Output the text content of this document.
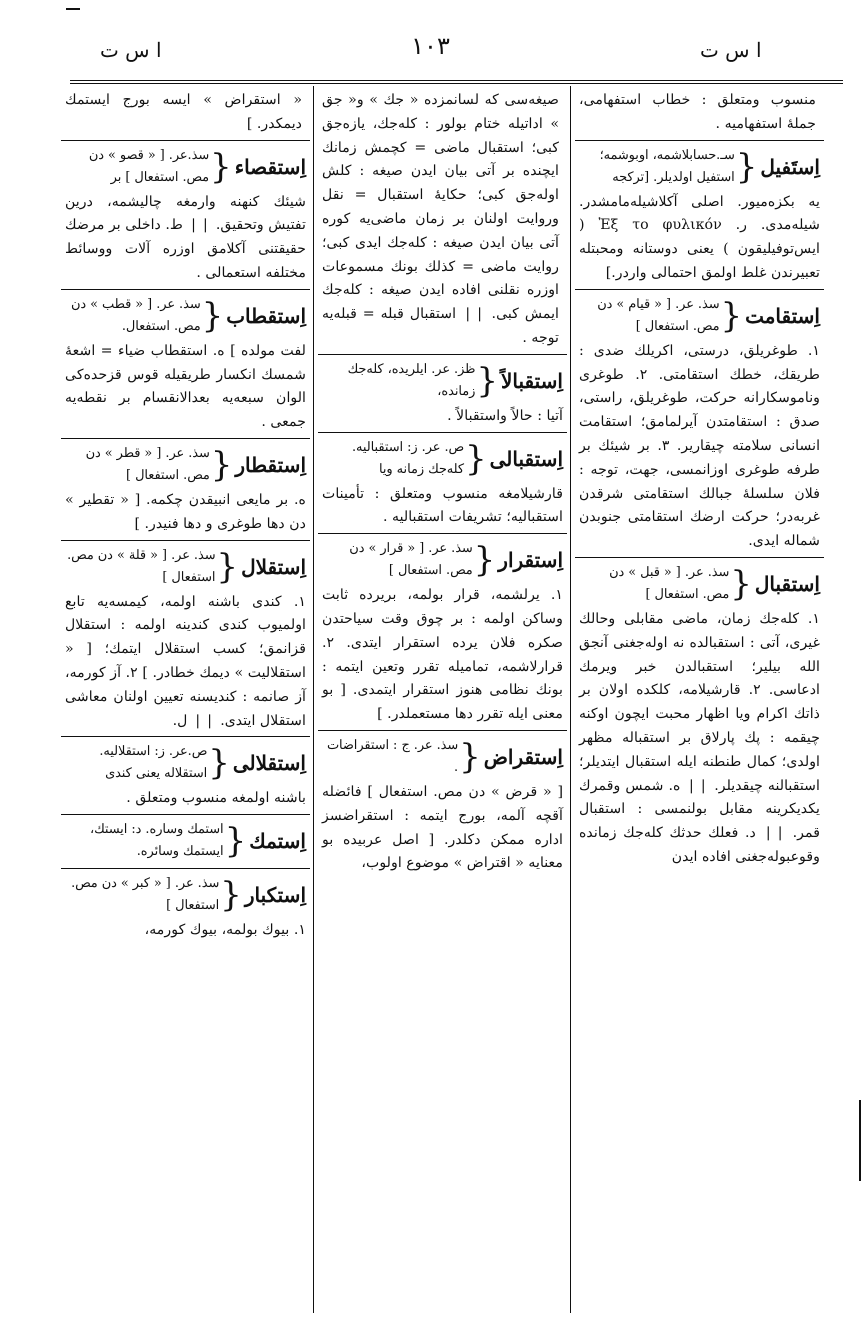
ا س ت	١٠٣	ا س ت
منسوب ومتعلق : خطاب استفهامی، جملۀ استفهامیه .
اِستَفیل
{
سـ.حسابلاشمه، اوبوشمه؛ استفیل اولدیلر. [ترکجه
یه بکزه‌میور. اصلی آکلاشیله‌مامشدر. شیله‌مدی. ر. Ἐξ το φυλικόν ( ایس‌توفیلیقون ) یعنی دوستانه ومحبتله تعبیرندن غلط اولمق احتمالی واردر.]
اِستقامت
{
سذ. عر. [ « قیام » دن مص. استفعال ]
١. طوغریلق، درستی، اکریلك ضدی : طریقك، خطك استقامتی. ٢. طوغری وناموسکارانه حرکت، طوغریلق، راستی، صدق : استقامتدن آیرلمامق؛ استقامت انسانی سلامته چیقاریر. ٣. بر شیئك بر طرفه طوغری اوزانمسی، جهت، توجه : فلان سلسلۀ جبالك استقامتی شرقدن غربه‌در؛ حرکت ارضك استقامتی جنوبدن شماله ایدی.
اِستقبال
{
سذ. عر. [ « قبل » دن مص. استفعال ]
١. کله‌جك زمان، ماضی مقابلی وحالك غیری، آتی : استقبالده نه اوله‌جغنی آنجق الله بیلیر؛ استقبالدن خبر ویرمك ادعاسی. ٢. قارشیلامه، کلکده اولان بر ذاتك اکرام ویا اظهار محبت ایچون اوکنه چیقمه : پك پارلاق بر استقباله مظهر اولدی؛ کمال طنطنه ایله استقبال ایتدیلر؛ استقبالنه چیقدیلر. ❘❘ ه. شمس وقمرك یکدیکرینه مقابل بولنمسی : استقبال قمر. ❘❘ د. فعلك حدثك کله‌جك زمانده وقوعبوله‌جغنی افاده ایدن
صیغه‌سی که لسانمزده « جك » و« جق » اداتیله ختام بولور : کله‌جك، یازه‌جق کبی؛ استقبال ماضی = کچمش زمانك ایچنده بر آتی بیان ایدن صیغه : کلش اوله‌جق کبی؛ حکایۀ استقبال = نقل وروایت اولنان بر زمان ماضی‌یه کوره آتی بیان ایدن صیغه : کله‌جك ایدی کبی؛ روایت ماضی = کذلك بونك مسموعات اوزره نقلنی افاده ایدن صیغه : کله‌جك ایمش کبی. ❘❘ استقبال قبله = قبله‌یه توجه .
اِستقبالاً
{
ظز. عر. ایلریده، کله‌جك زمانده،
آتیا : حالاً واستقبالاً .
اِستقبالی
{
ص. عر. ز: استقبالیه. کله‌جك زمانه ویا
قارشیلامغه منسوب ومتعلق : تأمینات استقبالیه؛ تشریفات استقبالیه .
اِستقرار
{
سذ. عر. [ « قرار » دن مص. استفعال ]
١. یرلشمه، قرار بولمه، بریرده ثابت وساکن اولمه : بر چوق وقت سیاحتدن صکره فلان یرده استقرار ایتدی. ٢. قرارلاشمه، تمامیله تقرر وتعین ایتمه : بونك نظامی هنوز استقرار ایتمدی. [ بو معنی ایله تقرر دها مستعملدر. ]
اِستقراض
{
سذ. عر. ج : استقراضات .
[ « قرض » دن مص. استفعال ] فائضله آقچه آلمه، بورج ایتمه : استقراضسز اداره ممکن دکلدر. [ اصل عربیده بو معنایه « اقتراض » موضوع اولوب،
« استقراض » ایسه بورج ایستمك دیمکدر. ]
اِستقصاء
{
سذ.عر. [ « قصو » دن مص. استفعال ] بر
شیئك کنهنه وارمغه چالیشمه، درین تفتیش وتحقیق. ❘❘ ط. داخلی بر مرضك حقیقتنی آکلامق اوزره آلات ووسائط مختلفه استعمالی .
اِستقطاب
{
سذ. عر. [ « قطب » دن مص. استفعال.
لفت مولده ] ه. استقطاب ضیاء = اشعۀ شمسك انکسار طریقیله قوس قزحده‌کی الوان سبعه‌یه بعدالانقسام بر نقطه‌یه جمعی .
اِستقطار
{
سذ. عر. [ « قطر » دن مص. استفعال ]
ه. بر مایعی انبیقدن چکمه. [ « تقطیر » دن دها طوغری و دها فنیدر. ]
اِستقلال
{
سذ. عر. [ « قلة » دن مص. استفعال ]
١. کندی باشنه اولمه، کیمسه‌یه تابع اولمیوب کندی کندینه اولمه : استقلال قزانمق؛ کسب استقلال ایتمك؛ [ « استقلالیت » دیمك خطادر. ] ٢. آز کورمه، آز صانمه : کندیسنه تعیین اولنان معاشی استقلال ایتدی. ❘❘ ل.
اِستقلالی
{
ص.عر. ز: استقلالیه. استقلاله یعنی کندی
باشنه اولمغه منسوب ومتعلق .
اِستمك
{
استمك وساره. د: ایستك، ایستمك وسائره.
اِستکبار
{
سذ. عر. [ « کبر » دن مص. استفعال ]
١. بیوك بولمه، بیوك کورمه،
